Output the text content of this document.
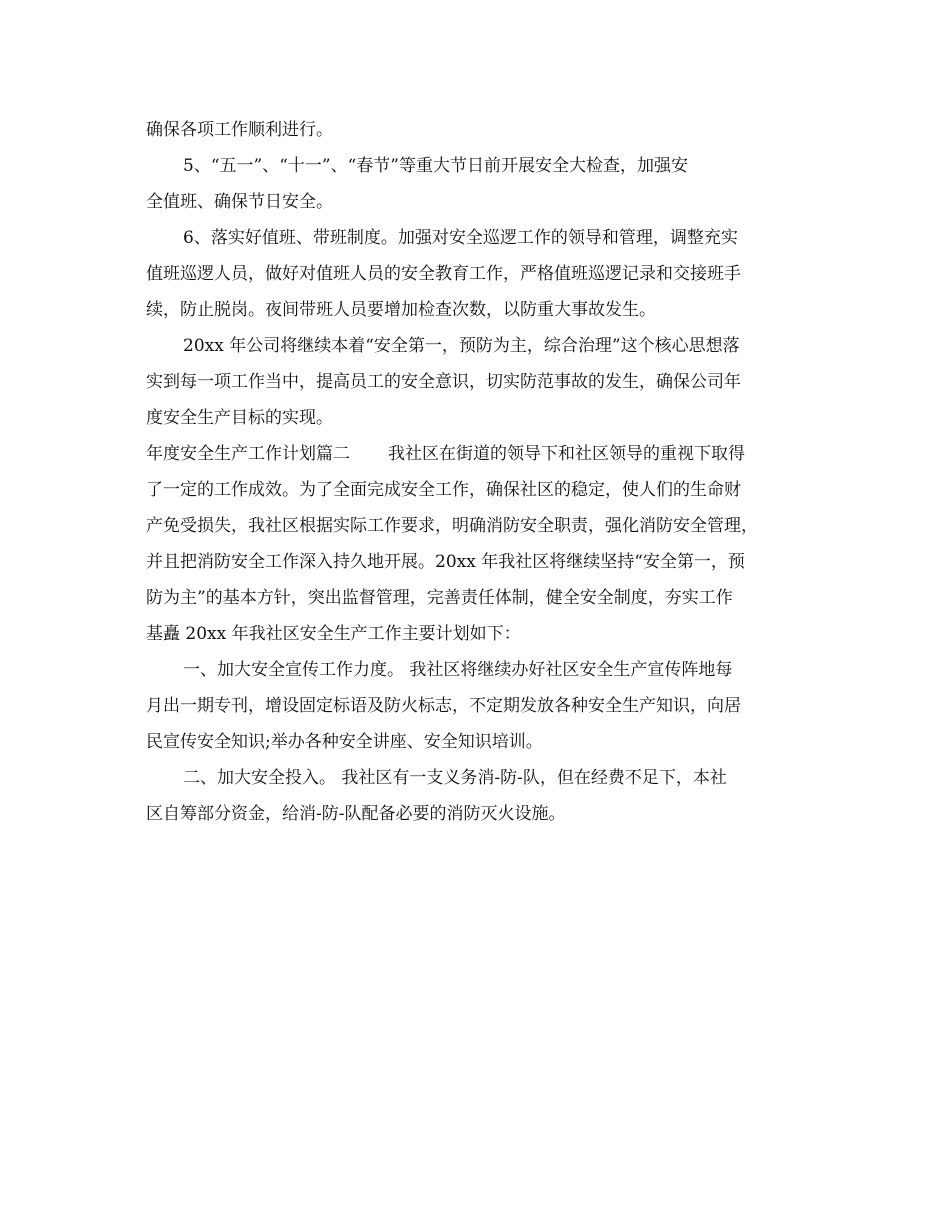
确保各项工作顺利进行。
5、“五一”、“十一”、“春节”等重大节日前开展安全大检查，加强安
全值班、确保节日安全。
6、落实好值班、带班制度。加强对安全巡逻工作的领导和管理，调整充实
值班巡逻人员，做好对值班人员的安全教育工作，严格值班巡逻记录和交接班手
续，防止脱岗。夜间带班人员要增加检查次数，以防重大事故发生。
20xx 年公司将继续本着“安全第一，预防为主，综合治理”这个核心思想落
实到每一项工作当中，提高员工的安全意识，切实防范事故的发生，确保公司年
度安全生产目标的实现。
年度安全生产工作计划篇二 我社区在街道的领导下和社区领导的重视下取得
了一定的工作成效。为了全面完成安全工作，确保社区的稳定，使人们的生命财
产免受损失，我社区根据实际工作要求，明确消防安全职责，强化消防安全管理，
并且把消防安全工作深入持久地开展。20xx 年我社区将继续坚持“安全第一，预
防为主”的基本方针，突出监督管理，完善责任体制，健全安全制度，夯实工作
基矗 20xx 年我社区安全生产工作主要计划如下：
一、加大安全宣传工作力度。 我社区将继续办好社区安全生产宣传阵地每
月出一期专刊，增设固定标语及防火标志，不定期发放各种安全生产知识，向居
民宣传安全知识;举办各种安全讲座、安全知识培训。
二、加大安全投入。 我社区有一支义务消-防-队，但在经费不足下，本社
区自筹部分资金，给消-防-队配备必要的消防灭火设施。
